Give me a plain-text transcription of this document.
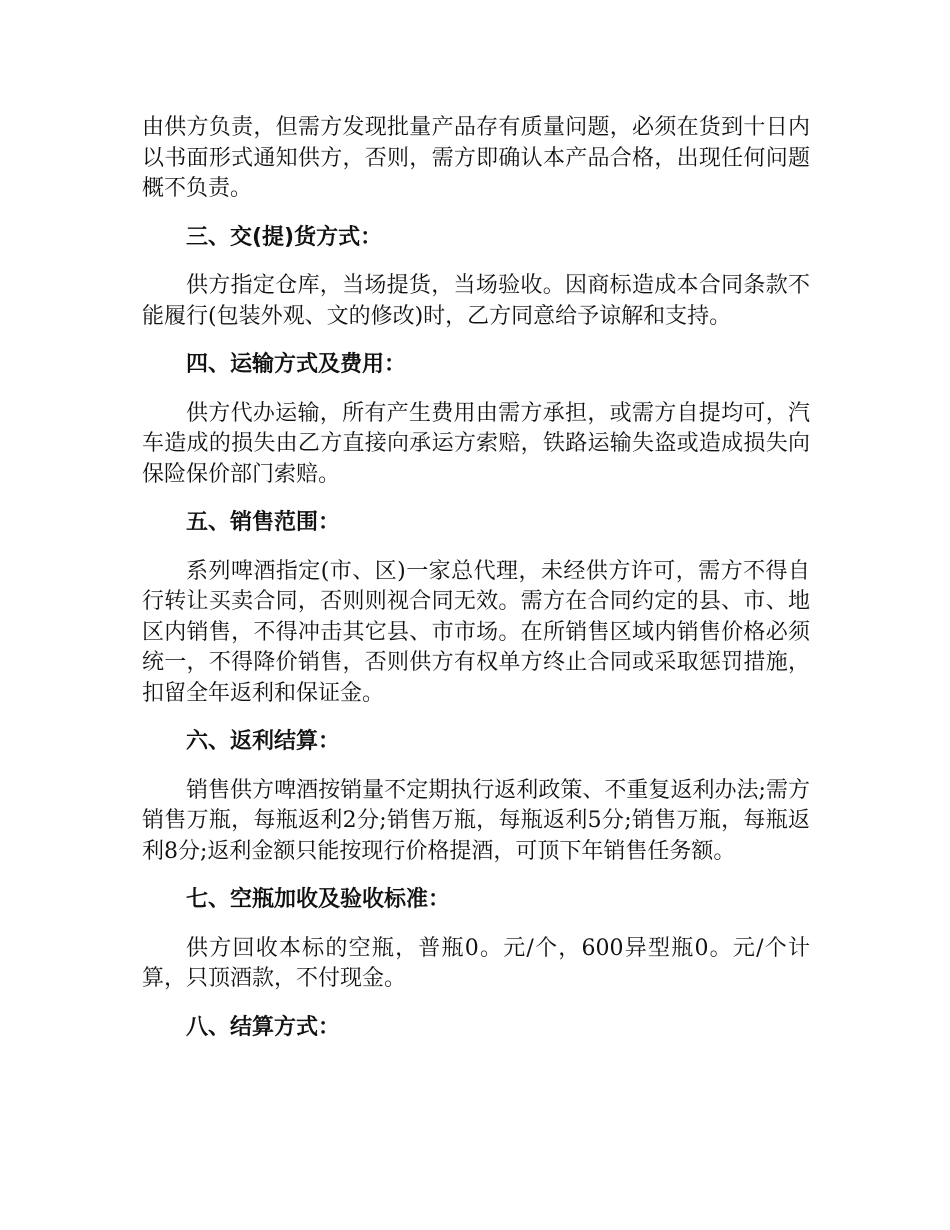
由供方负责，但需方发现批量产品存有质量问题，必须在货到十日内以书面形式通知供方，否则，需方即确认本产品合格，出现任何问题概不负责。

三、交(提)货方式：

供方指定仓库，当场提货，当场验收。因商标造成本合同条款不能履行(包装外观、文的修改)时，乙方同意给予谅解和支持。

四、运输方式及费用：

供方代办运输，所有产生费用由需方承担，或需方自提均可，汽车造成的损失由乙方直接向承运方索赔，铁路运输失盗或造成损失向保险保价部门索赔。

五、销售范围：

系列啤酒指定(市、区)一家总代理，未经供方许可，需方不得自行转让买卖合同，否则则视合同无效。需方在合同约定的县、市、地区内销售，不得冲击其它县、市市场。在所销售区域内销售价格必须统一，不得降价销售，否则供方有权单方终止合同或采取惩罚措施，扣留全年返利和保证金。

六、返利结算：

销售供方啤酒按销量不定期执行返利政策、不重复返利办法;需方销售万瓶，每瓶返利2分;销售万瓶，每瓶返利5分;销售万瓶，每瓶返利8分;返利金额只能按现行价格提酒，可顶下年销售任务额。

七、空瓶加收及验收标准：

供方回收本标的空瓶，普瓶0。元/个，600异型瓶0。元/个计算，只顶酒款，不付现金。

八、结算方式：
